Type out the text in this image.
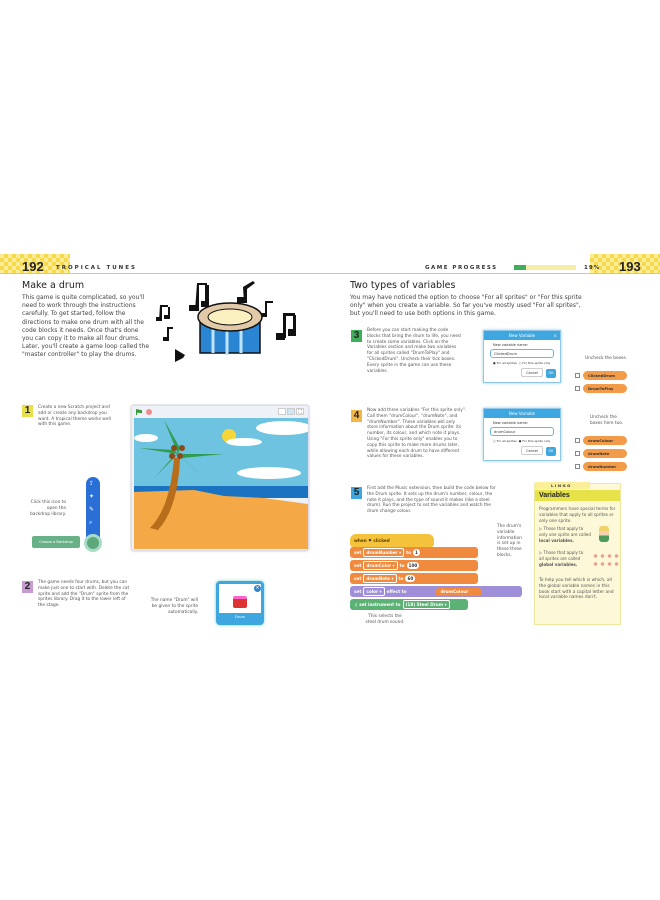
192 TROPICAL TUNES	GAME PROGRESS	19% 193
Make a drum
This game is quite complicated, so you'll need to work through the instructions carefully. To get started, follow the directions to make one drum with all the code blocks it needs. Once that's done you can copy it to make all four drums. Later, you'll create a game loop called the "master controller" to play the drums.
1	Create a new Scratch project and add or create any backdrop you want. A tropical theme works well with this game.
⛶
⇪
✦
✎
⌕
Choose a Backdrop
Click this icon to open the backdrop library.
2	The game needs four drums, but you can make just one to start with. Delete the cat sprite and add the "Drum" sprite from the sprites library. Drag it to the lower left of the stage.
The name "Drum" will be given to the sprite automatically.
×
Drum
Two types of variables
You may have noticed the option to choose "For all sprites" or "For this sprite only" when you create a variable. So far you've mostly used "For all sprites", but you'll need to use both options in this game.
3	Before you can start making the code blocks that bring the drum to life, you need to create some variables. Click on the Variables section and make two variables for all sprites called "DrumToPlay" and "ClickedDrum". Uncheck their tick boxes. Every sprite in the game can use these variables.
New Variable	×
New variable name:
ClickedDrum
● For all sprites ○ For this sprite only
Cancel	OK
Uncheck the boxes.
ClickedDrum
DrumToPlay
4	Now add three variables "For this sprite only". Call them "drumColour", "drumNote", and "drumNumber". These variables will only store information about the Drum sprite: its number, its colour, and which note it plays. Using "For this sprite only" enables you to copy this sprite to make more drums later, while allowing each drum to have different values for these variables.
New Variable
New variable name:
drumColour
○ For all sprites ● For this sprite only
Cancel	OK
Uncheck the boxes here too.
drumColour
drumNote
drumNumber
5	First add the Music extension, then build the code below for the Drum sprite. It sets up the drum's number, colour, the note it plays, and the type of sound it makes (like a steel drum). Run the project to set the variables and watch the drum change colour.
when ⚑ clicked
set drumNumber ▾ to 1
set drumColor ▾ to 100
set drumNote ▾ to 60
set color ▾ effect to	drumColour
♫ set instrument to (18) Steel Drum ▾
The drum's variable information is set up in these three blocks.
This selects the steel drum sound.
LINGO
Variables
Programmers have special terms for variables that apply to all sprites or only one sprite.
▷ Those that apply to only one sprite are called local variables.
▷ Those that apply to all sprites are called global variables.
To help you tell which is which, all the global variable names in this book start with a capital letter and local variable names don't.
